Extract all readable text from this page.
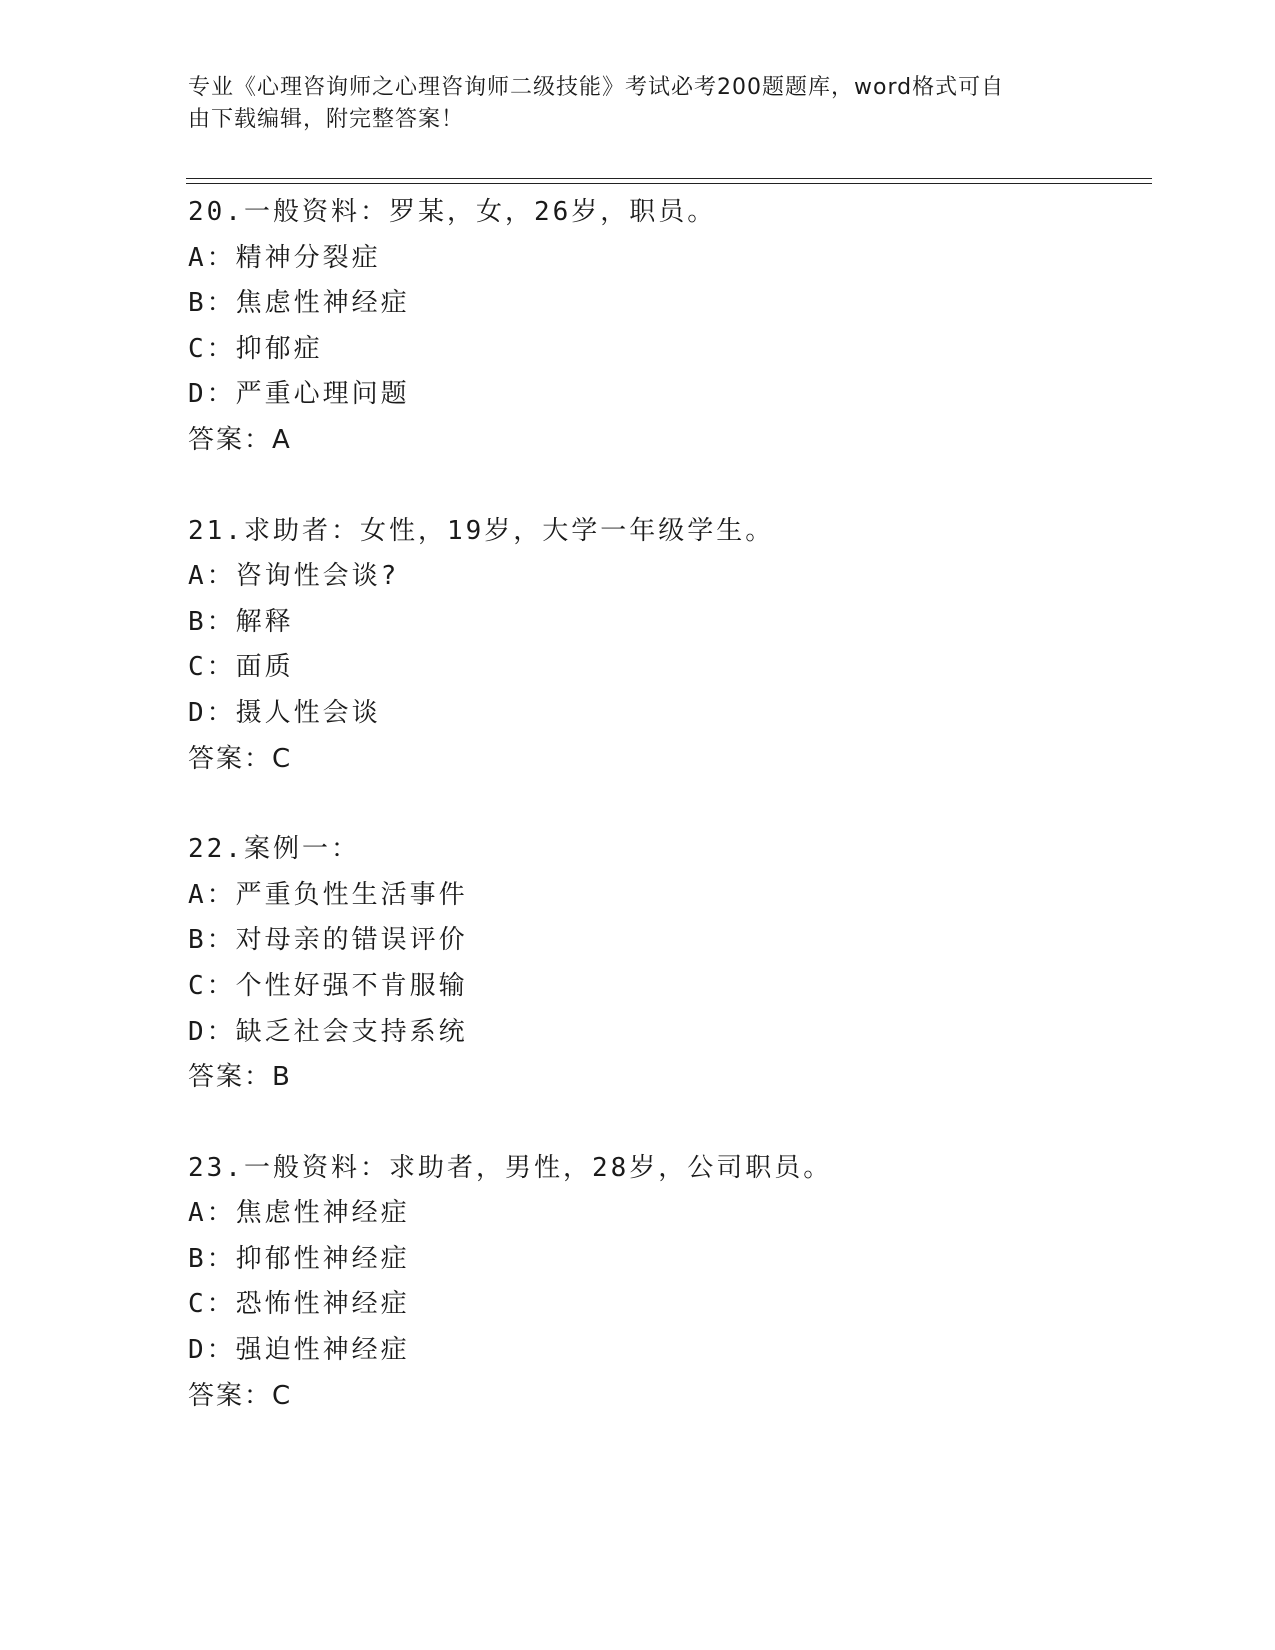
专业《心理咨询师之心理咨询师二级技能》考试必考200题题库，word格式可自
由下载编辑，附完整答案！
20.一般资料：罗某，女，26岁，职员。
A：精神分裂症
B：焦虑性神经症
C：抑郁症
D：严重心理问题
答案：A
21.求助者：女性，19岁，大学一年级学生。
A：咨询性会谈?
B：解释
C：面质
D：摄人性会谈
答案：C
22.案例一：
A：严重负性生活事件
B：对母亲的错误评价
C：个性好强不肯服输
D：缺乏社会支持系统
答案：B
23.一般资料：求助者，男性，28岁，公司职员。
A：焦虑性神经症
B：抑郁性神经症
C：恐怖性神经症
D：强迫性神经症
答案：C
